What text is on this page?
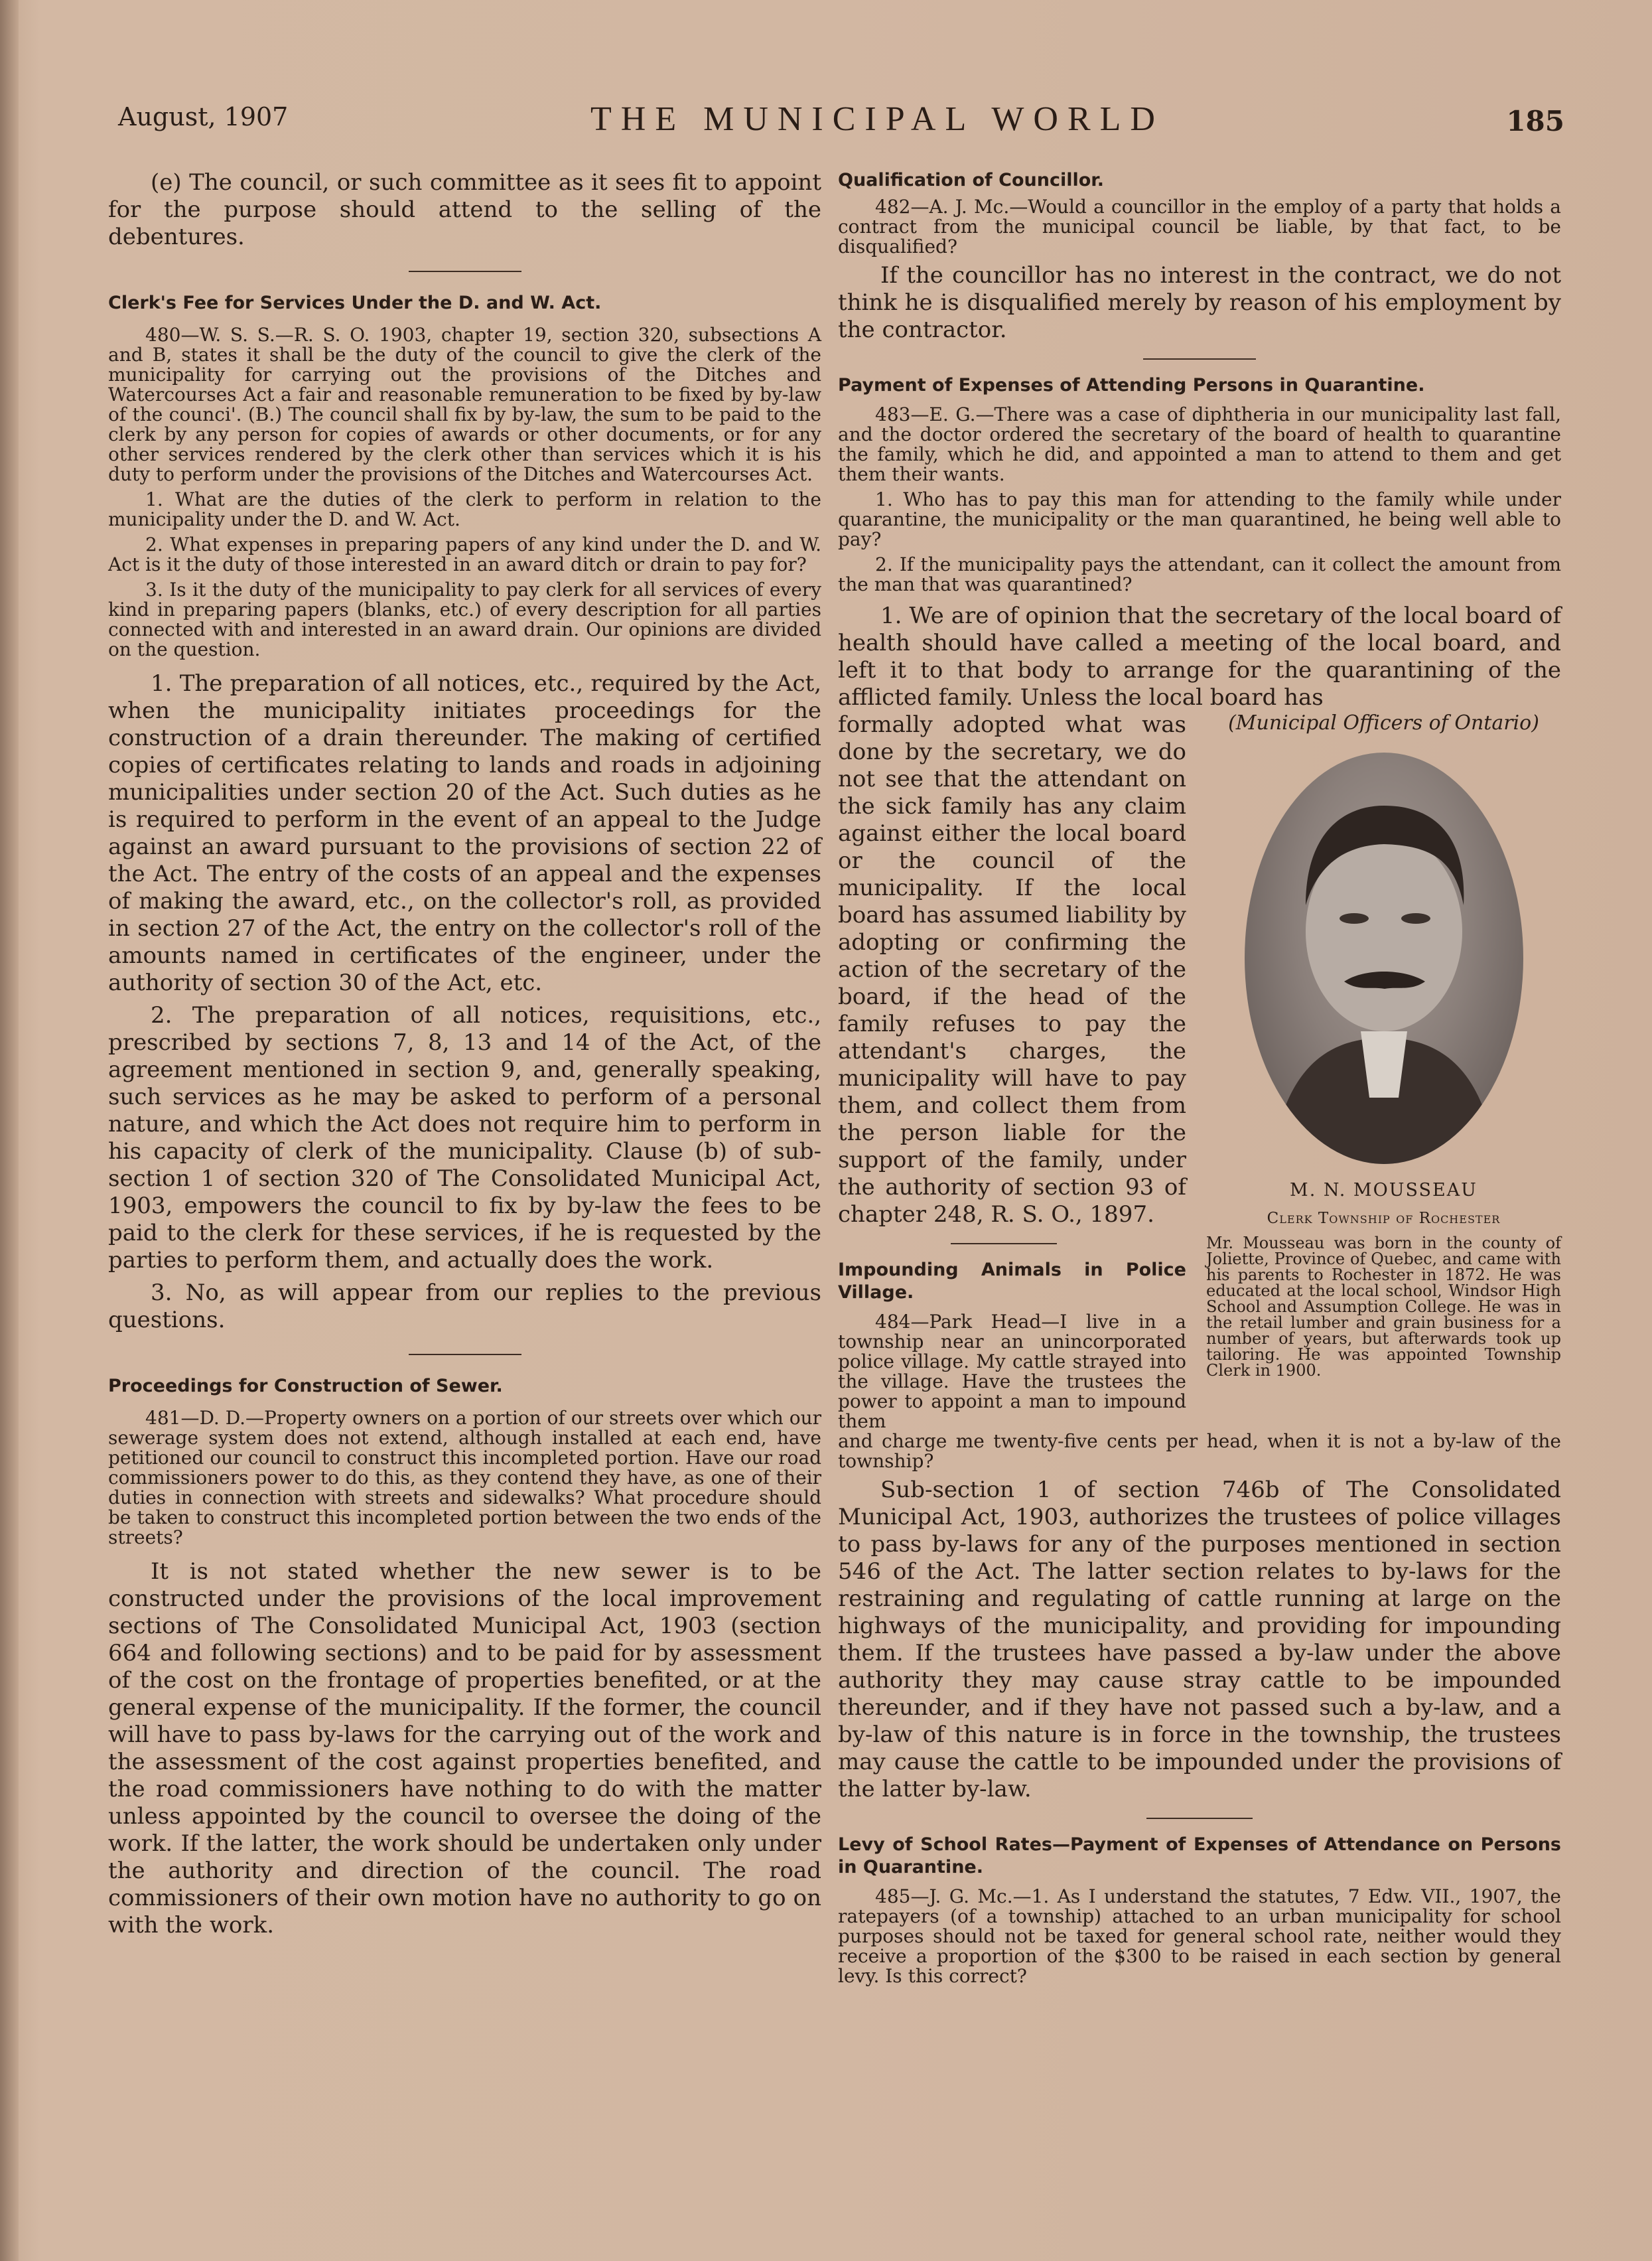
August, 1907	THE MUNICIPAL WORLD	185

(e) The council, or such committee as it sees fit to appoint for the purpose should attend to the selling of the debentures.

Clerk's Fee for Services Under the D. and W. Act.

480—W. S. S.—R. S. O. 1903, chapter 19, section 320, subsections A and B, states it shall be the duty of the council to give the clerk of the municipality for carrying out the provisions of the Ditches and Watercourses Act a fair and reasonable remuneration to be fixed by by-law of the counci'. (B.) The council shall fix by by-law, the sum to be paid to the clerk by any person for copies of awards or other documents, or for any other services rendered by the clerk other than services which it is his duty to perform under the provisions of the Ditches and Watercourses Act.

1. What are the duties of the clerk to perform in relation to the municipality under the D. and W. Act.

2. What expenses in preparing papers of any kind under the D. and W. Act is it the duty of those interested in an award ditch or drain to pay for?

3. Is it the duty of the municipality to pay clerk for all services of every kind in preparing papers (blanks, etc.) of every description for all parties connected with and interested in an award drain. Our opinions are divided on the question.

1. The preparation of all notices, etc., required by the Act, when the municipality initiates proceedings for the construction of a drain thereunder. The making of certified copies of certificates relating to lands and roads in adjoining municipalities under section 20 of the Act. Such duties as he is required to perform in the event of an appeal to the Judge against an award pursuant to the provisions of section 22 of the Act. The entry of the costs of an appeal and the expenses of making the award, etc., on the collector's roll, as provided in section 27 of the Act, the entry on the collector's roll of the amounts named in certificates of the engineer, under the authority of section 30 of the Act, etc.

2. The preparation of all notices, requisitions, etc., prescribed by sections 7, 8, 13 and 14 of the Act, of the agreement mentioned in section 9, and, generally speaking, such services as he may be asked to perform of a personal nature, and which the Act does not require him to perform in his capacity of clerk of the municipality. Clause (b) of sub-section 1 of section 320 of The Consolidated Municipal Act, 1903, empowers the council to fix by by-law the fees to be paid to the clerk for these services, if he is requested by the parties to perform them, and actually does the work.

3. No, as will appear from our replies to the previous questions.

Proceedings for Construction of Sewer.

481—D. D.—Property owners on a portion of our streets over which our sewerage system does not extend, although installed at each end, have petitioned our council to construct this incompleted portion. Have our road commissioners power to do this, as they contend they have, as one of their duties in connection with streets and sidewalks? What procedure should be taken to construct this incompleted portion between the two ends of the streets?

It is not stated whether the new sewer is to be constructed under the provisions of the local improvement sections of The Consolidated Municipal Act, 1903 (section 664 and following sections) and to be paid for by assessment of the cost on the frontage of properties benefited, or at the general expense of the municipality. If the former, the council will have to pass by-laws for the carrying out of the work and the assessment of the cost against properties benefited, and the road commissioners have nothing to do with the matter unless appointed by the council to oversee the doing of the work. If the latter, the work should be undertaken only under the authority and direction of the council. The road commissioners of their own motion have no authority to go on with the work.

Qualification of Councillor.

482—A. J. Mc.—Would a councillor in the employ of a party that holds a contract from the municipal council be liable, by that fact, to be disqualified?

If the councillor has no interest in the contract, we do not think he is disqualified merely by reason of his employment by the contractor.

Payment of Expenses of Attending Persons in Quarantine.

483—E. G.—There was a case of diphtheria in our municipality last fall, and the doctor ordered the secretary of the board of health to quarantine the family, which he did, and appointed a man to attend to them and get them their wants.

1. Who has to pay this man for attending to the family while under quarantine, the municipality or the man quarantined, he being well able to pay?

2. If the municipality pays the attendant, can it collect the amount from the man that was quarantined?

1. We are of opinion that the secretary of the local board of health should have called a meeting of the local board, and left it to that body to arrange for the quarantining of the afflicted family. Unless the local board has

formally adopted what was done by the secretary, we do not see that the attendant on the sick family has any claim against either the local board or the council of the municipality. If the local board has assumed liability by adopting or confirming the action of the secretary of the board, if the head of the family refuses to pay the attendant's charges, the municipality will have to pay them, and collect them from the person liable for the support of the family, under the authority of section 93 of chapter 248, R. S. O., 1897.

(Municipal Officers of Ontario)
M. N. MOUSSEAU
Clerk Township of Rochester

Mr. Mousseau was born in the county of Joliette, Province of Quebec, and came with his parents to Rochester in 1872. He was educated at the local school, Windsor High School and Assumption College. He was in the retail lumber and grain business for a number of years, but afterwards took up tailoring. He was appointed Township Clerk in 1900.

Impounding Animals in Police Village.

484—Park Head—I live in a township near an unincorporated police village. My cattle strayed into the village. Have the trustees the power to appoint a man to impound them

and charge me twenty-five cents per head, when it is not a by-law of the township?

Sub-section 1 of section 746b of The Consolidated Municipal Act, 1903, authorizes the trustees of police villages to pass by-laws for any of the purposes mentioned in section 546 of the Act. The latter section relates to by-laws for the restraining and regulating of cattle running at large on the highways of the municipality, and providing for impounding them. If the trustees have passed a by-law under the above authority they may cause stray cattle to be impounded thereunder, and if they have not passed such a by-law, and a by-law of this nature is in force in the township, the trustees may cause the cattle to be impounded under the provisions of the latter by-law.

Levy of School Rates—Payment of Expenses of Attendance on Persons in Quarantine.

485—J. G. Mc.—1. As I understand the statutes, 7 Edw. VII., 1907, the ratepayers (of a township) attached to an urban municipality for school purposes should not be taxed for general school rate, neither would they receive a proportion of the $300 to be raised in each section by general levy. Is this correct?
